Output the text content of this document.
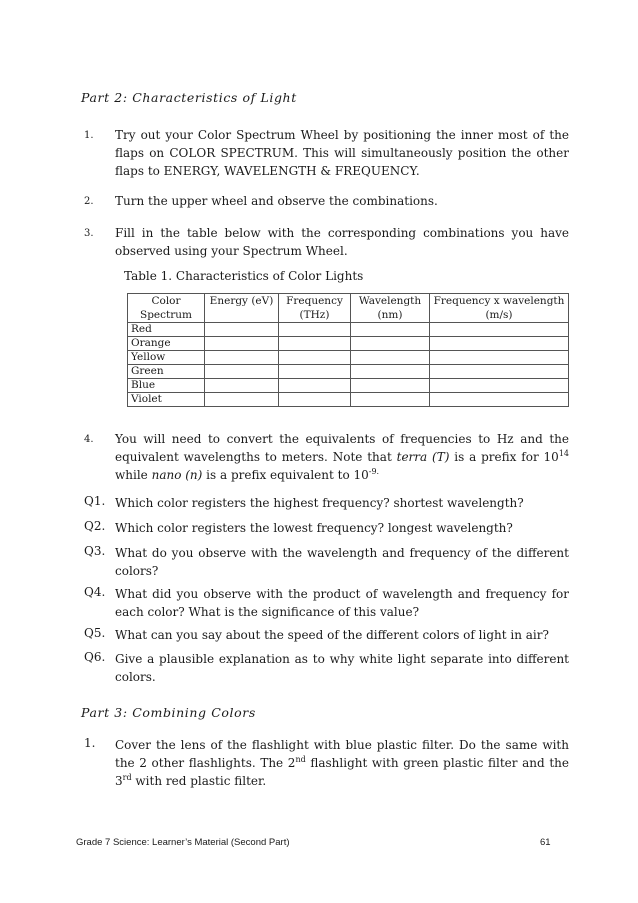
Part 2: Characteristics of Light
1.	Try out your Color Spectrum Wheel by positioning the inner most of the flaps on COLOR SPECTRUM. This will simultaneously position the other flaps to ENERGY, WAVELENGTH & FREQUENCY.
2.	Turn the upper wheel and observe the combinations.
3.	Fill in the table below with the corresponding combinations you have observed using your Spectrum Wheel.
Table 1. Characteristics of Color Lights
Color Spectrum	Energy (eV)	Frequency (THz)	Wavelength (nm)	Frequency x wavelength (m/s)
Red				
Orange				
Yellow				
Green				
Blue				
Violet				
4.	You will need to convert the equivalents of frequencies to Hz and the equivalent wavelengths to meters. Note that terra (T) is a prefix for $10^{14}$ while nano (n) is a prefix equivalent to $10^{-9.}$
Q1. Which color registers the highest frequency? shortest wavelength?
Q2. Which color registers the lowest frequency? longest wavelength?
Q3. What do you observe with the wavelength and frequency of the different colors?
Q4. What did you observe with the product of wavelength and frequency for each color? What is the significance of this value?
Q5. What can you say about the speed of the different colors of light in air?
Q6. Give a plausible explanation as to why white light separate into different colors.
Part 3: Combining Colors
1. Cover the lens of the flashlight with blue plastic filter. Do the same with the 2 other flashlights. The 2nd flashlight with green plastic filter and the 3rd with red plastic filter.
Grade 7 Science: Learner’s Material (Second Part)	61
